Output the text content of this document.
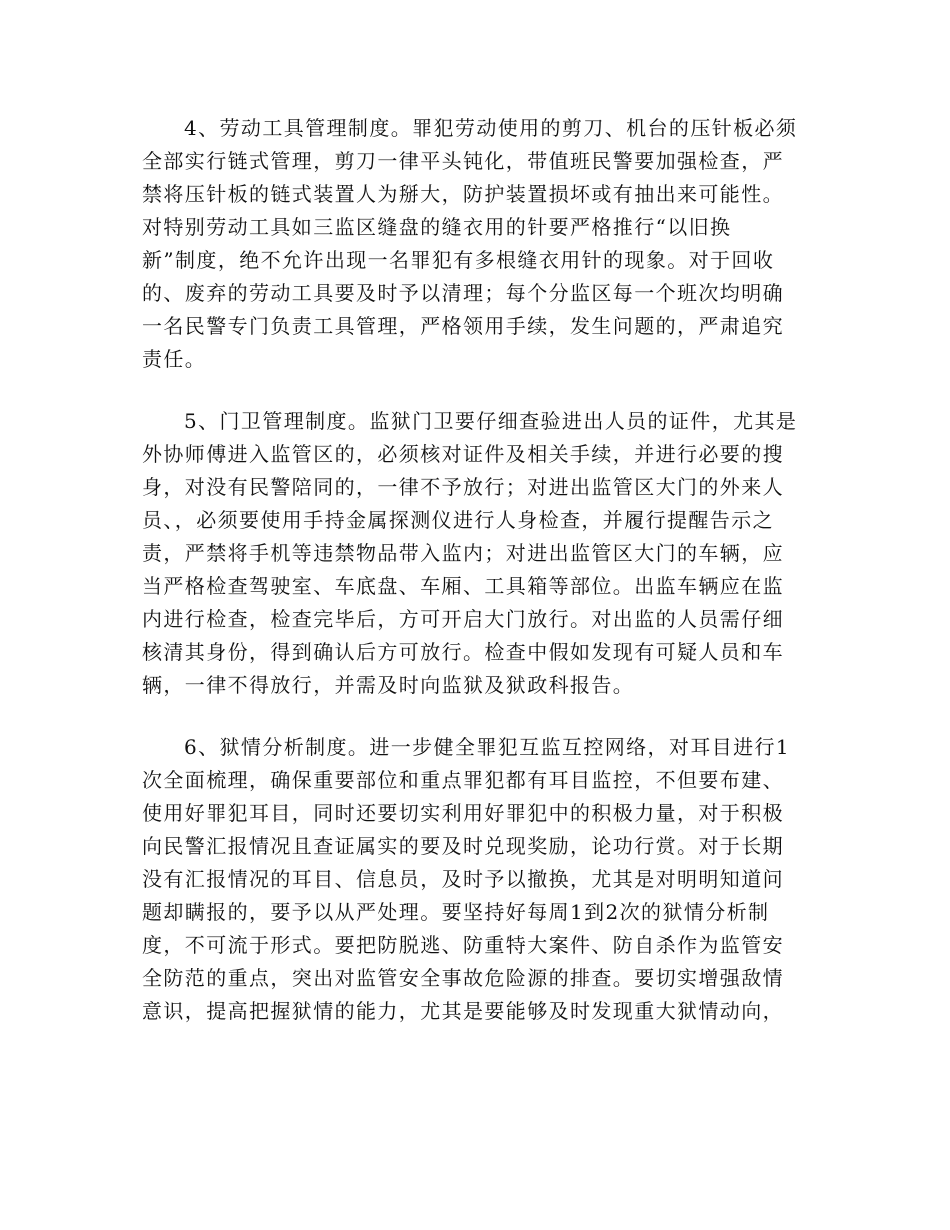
4、劳动工具管理制度。罪犯劳动使用的剪刀、机台的压针板必须
全部实行链式管理，剪刀一律平头钝化，带值班民警要加强检查，严
禁将压针板的链式装置人为掰大，防护装置损坏或有抽出来可能性。
对特别劳动工具如三监区缝盘的缝衣用的针要严格推行“以旧换
新”制度，绝不允许出现一名罪犯有多根缝衣用针的现象。对于回收
的、废弃的劳动工具要及时予以清理；每个分监区每一个班次均明确
一名民警专门负责工具管理，严格领用手续，发生问题的，严肃追究
责任。
5、门卫管理制度。监狱门卫要仔细查验进出人员的证件，尤其是
外协师傅进入监管区的，必须核对证件及相关手续，并进行必要的搜
身，对没有民警陪同的，一律不予放行；对进出监管区大门的外来人
员、，必须要使用手持金属探测仪进行人身检查，并履行提醒告示之
责，严禁将手机等违禁物品带入监内；对进出监管区大门的车辆，应
当严格检查驾驶室、车底盘、车厢、工具箱等部位。出监车辆应在监
内进行检查，检查完毕后，方可开启大门放行。对出监的人员需仔细
核清其身份，得到确认后方可放行。检查中假如发现有可疑人员和车
辆，一律不得放行，并需及时向监狱及狱政科报告。
6、狱情分析制度。进一步健全罪犯互监互控网络，对耳目进行1
次全面梳理，确保重要部位和重点罪犯都有耳目监控，不但要布建、
使用好罪犯耳目，同时还要切实利用好罪犯中的积极力量，对于积极
向民警汇报情况且查证属实的要及时兑现奖励，论功行赏。对于长期
没有汇报情况的耳目、信息员，及时予以撤换，尤其是对明明知道问
题却瞒报的，要予以从严处理。要坚持好每周1到2次的狱情分析制
度，不可流于形式。要把防脱逃、防重特大案件、防自杀作为监管安
全防范的重点，突出对监管安全事故危险源的排查。要切实增强敌情
意识，提高把握狱情的能力，尤其是要能够及时发现重大狱情动向，
